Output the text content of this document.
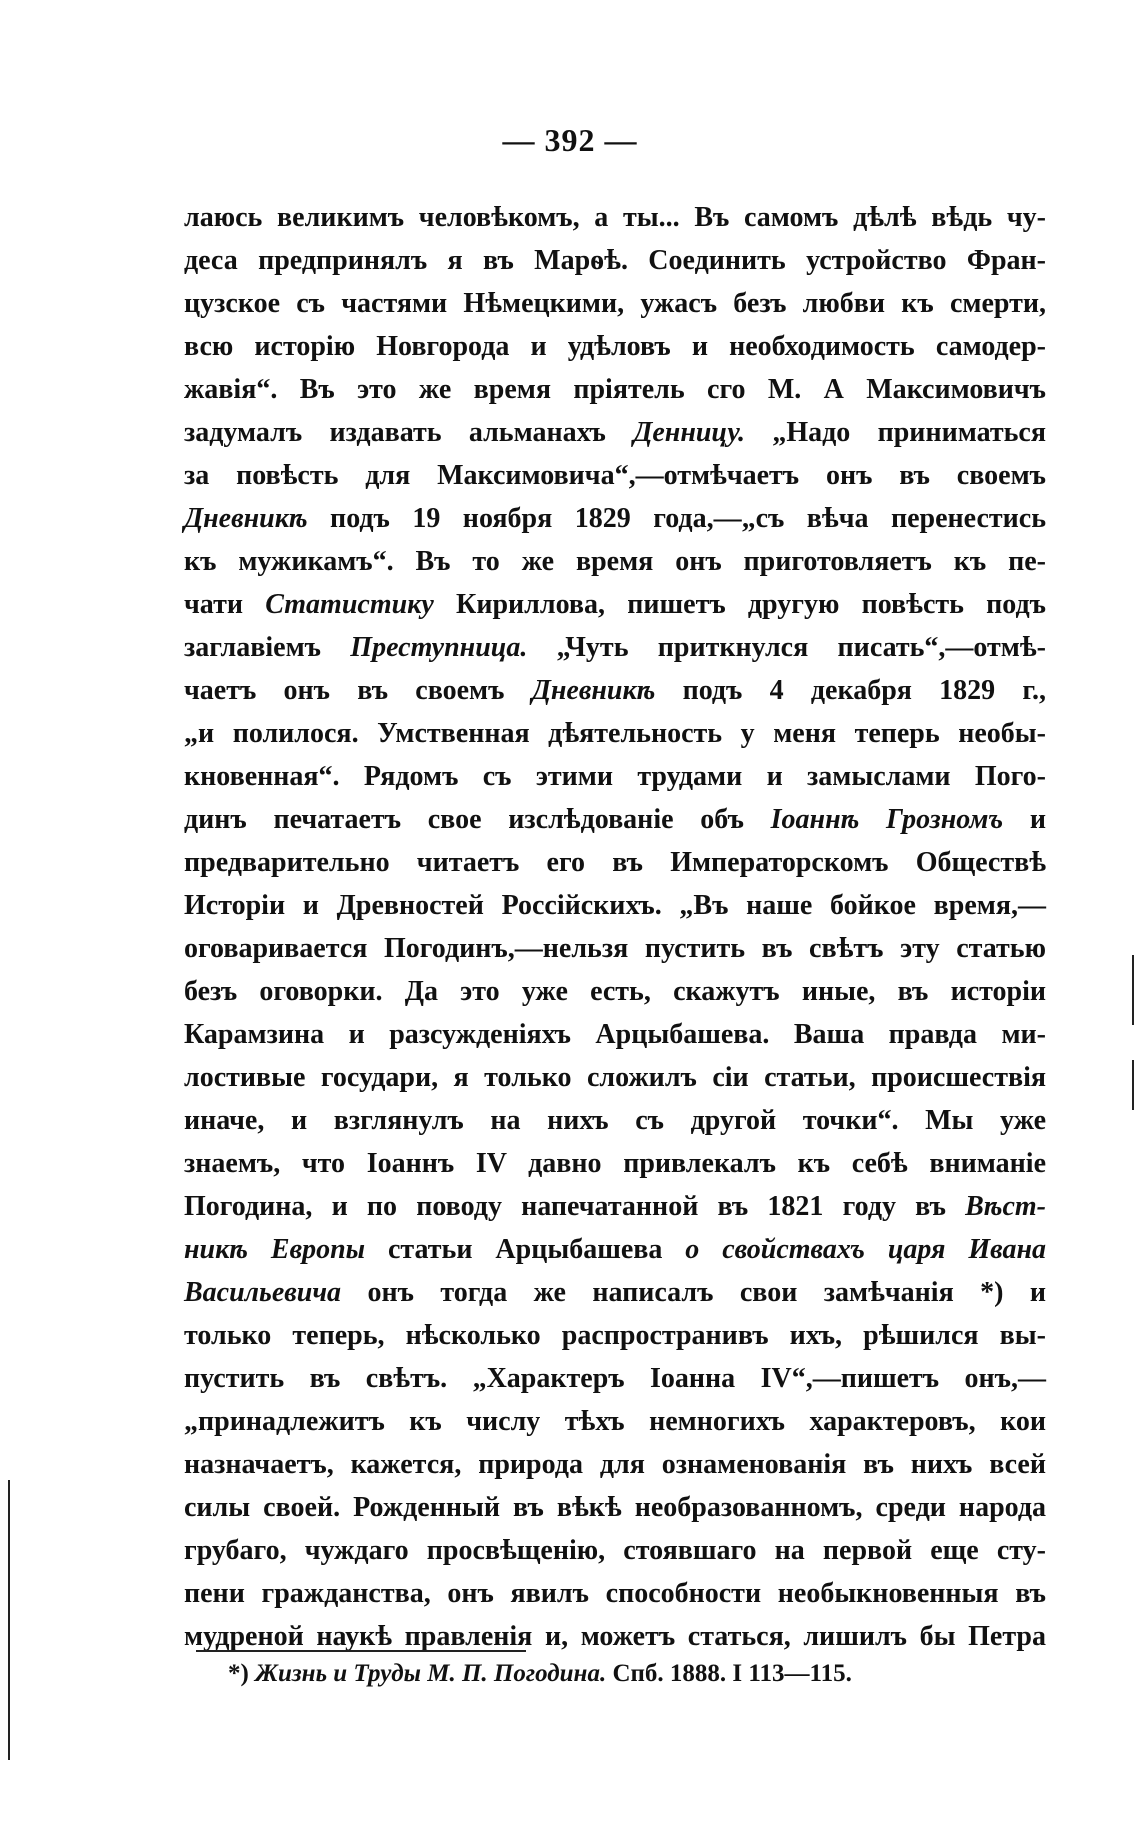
— 392 —
лаюсь великимъ человѣкомъ, а ты... Въ самомъ дѣлѣ вѣдь чу-
деса предпринялъ я въ Марѳѣ. Соединить устройство Фран-
цузское съ частями Нѣмецкими, ужасъ безъ любви къ смерти,
всю исторію Новгорода и удѣловъ и необходимость самодер-
жавія“. Въ это же время пріятель сго М. А Максимовичъ
задумалъ издавать альманахъ Денницу. „Надо приниматься
за повѣсть для Максимовича“,—отмѣчаетъ онъ въ своемъ
Дневникѣ подъ 19 ноября 1829 года,—„съ вѣча перенестись
къ мужикамъ“. Въ то же время онъ приготовляетъ къ пе-
чати Статистику Кириллова, пишетъ другую повѣсть подъ
заглавіемъ Преступница. „Чуть приткнулся писать“,—отмѣ-
чаетъ онъ въ своемъ Дневникѣ подъ 4 декабря 1829 г.,
„и полилося. Умственная дѣятельность у меня теперь необы-
кновенная“. Рядомъ съ этими трудами и замыслами Пого-
динъ печатаетъ свое изслѣдованіе объ Іоаннѣ Грозномъ и
предварительно читаетъ его въ Императорскомъ Обществѣ
Исторіи и Древностей Россійскихъ. „Въ наше бойкое время,—
оговаривается Погодинъ,—нельзя пустить въ свѣтъ эту статью
безъ оговорки. Да это уже есть, скажутъ иные, въ исторіи
Карамзина и разсужденіяхъ Арцыбашева. Ваша правда ми-
лостивые государи, я только сложилъ сіи статьи, происшествія
иначе, и взглянулъ на нихъ съ другой точки“. Мы уже
знаемъ, что Іоаннъ IV давно привлекалъ къ себѣ вниманіе
Погодина, и по поводу напечатанной въ 1821 году въ Вѣст-
никѣ Европы статьи Арцыбашева о свойствахъ царя Ивана
Васильевича онъ тогда же написалъ свои замѣчанія *) и
только теперь, нѣсколько распространивъ ихъ, рѣшился вы-
пустить въ свѣтъ. „Характеръ Іоанна IV“,—пишетъ онъ,—
„принадлежитъ къ числу тѣхъ немногихъ характеровъ, кои
назначаетъ, кажется, природа для ознаменованія въ нихъ всей
силы своей. Рожденный въ вѣкѣ необразованномъ, среди народа
грубаго, чуждаго просвѣщенію, стоявшаго на первой еще сту-
пени гражданства, онъ явилъ способности необыкновенныя въ
мудреной наукѣ правленія и, можетъ статься, лишилъ бы Петра
*) Жизнь и Труды М. П. Погодина. Спб. 1888. I 113—115.
